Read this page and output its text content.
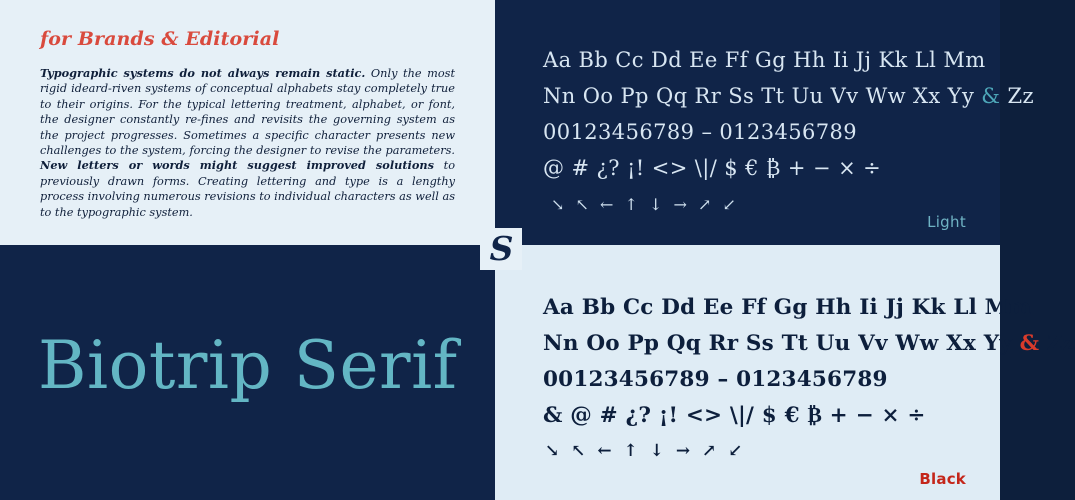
for Brands & Editorial

Typographic systems do not always remain static. Only the most rigid ideard-riven systems of conceptual alphabets stay completely true to their origins. For the typical lettering treatment, alphabet, or font, the designer constantly re-fines and revisits the governing system as the project progresses. Sometimes a specific character presents new challenges to the system, forcing the designer to revise the parameters. New letters or words might suggest improved solutions to previously drawn forms. Creating lettering and type is a lengthy process involving numerous revisions to individual characters as well as to the typographic system.

Aa Bb Cc Dd Ee Ff Gg Hh Ii Jj Kk Ll Mm
Nn Oo Pp Qq Rr Ss Tt Uu Vv Ww Xx Yy & Zz
00123456789 – 0123456789
@ # ¿? ¡! <> \|/ $ € ₿ + − × ÷
↘ ↖ ← ↑ ↓ → ↗ ↙
Light
Biotrip Serif
Aa Bb Cc Dd Ee Ff Gg Hh Ii Jj Kk Ll Mm
Nn Oo Pp Qq Rr Ss Tt Uu Vv Ww Xx Yy & Zz
00123456789 – 0123456789
& @ # ¿? ¡! <> \|/ $ € ₿ + − × ÷
↘ ↖ ← ↑ ↓ → ↗ ↙
Black
S
